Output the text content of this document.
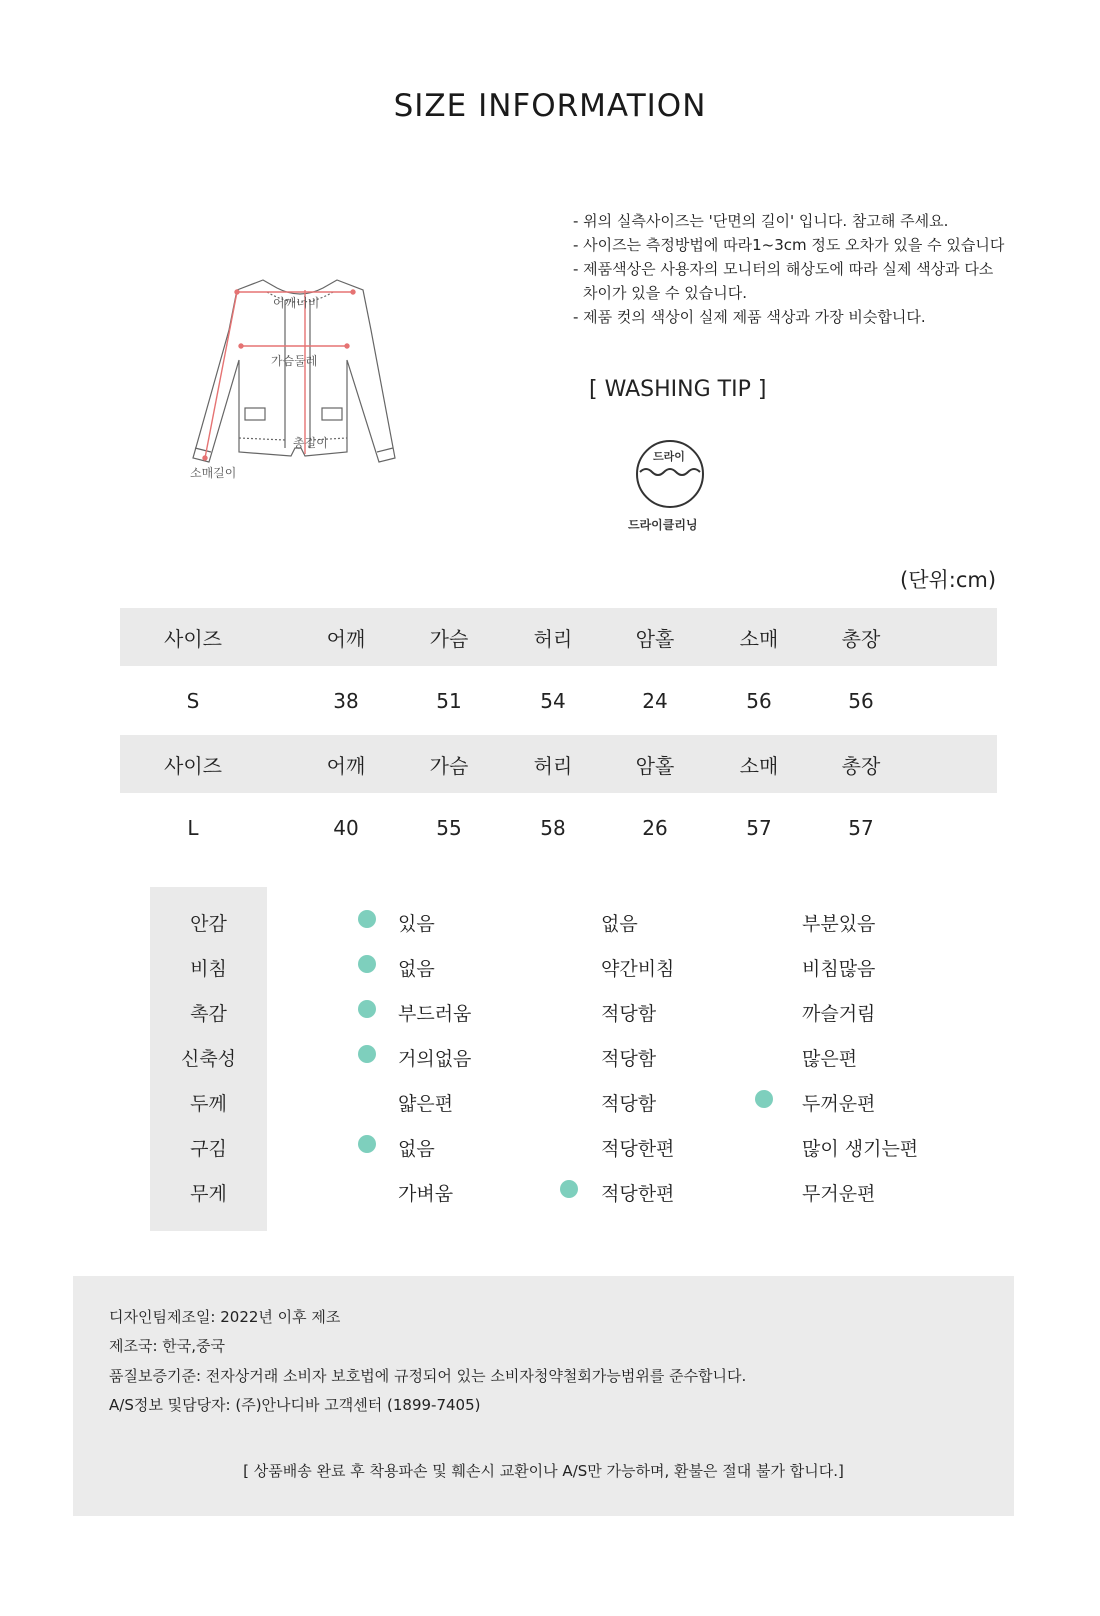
SIZE INFORMATION
어깨너비
가슴둘레
총길이
소매길이
- 위의 실측사이즈는 '단면의 길이' 입니다. 참고해 주세요.
- 사이즈는 측정방법에 따라1~3cm 정도 오차가 있을 수 있습니다
- 제품색상은 사용자의 모니터의 해상도에 따라 실제 색상과 다소
차이가 있을 수 있습니다.
- 제품 컷의 색상이 실제 제품 색상과 가장 비슷합니다.
[ WASHING TIP ]
드라이
드라이클리닝
(단위:cm)
사이즈	어깨	가슴	허리	암홀	소매	총장
S	38	51	54	24	56	56
사이즈	어깨	가슴	허리	암홀	소매	총장
L	40	55	58	26	57	57
안감	있음	없음	부분있음
비침	없음	약간비침	비침많음
촉감	부드러움	적당함	까슬거림
신축성	거의없음	적당함	많은편
두께	얇은편	적당함	두꺼운편
구김	없음	적당한편	많이 생기는편
무게	가벼움	적당한편	무거운편
디자인팀제조일: 2022년 이후 제조
제조국: 한국,중국
품질보증기준: 전자상거래 소비자 보호법에 규정되어 있는 소비자청약철회가능범위를 준수합니다.
A/S정보 및담당자: (주)안나디바 고객센터 (1899-7405)
[ 상품배송 완료 후 착용파손 및 훼손시 교환이나 A/S만 가능하며, 환불은 절대 불가 합니다.]
